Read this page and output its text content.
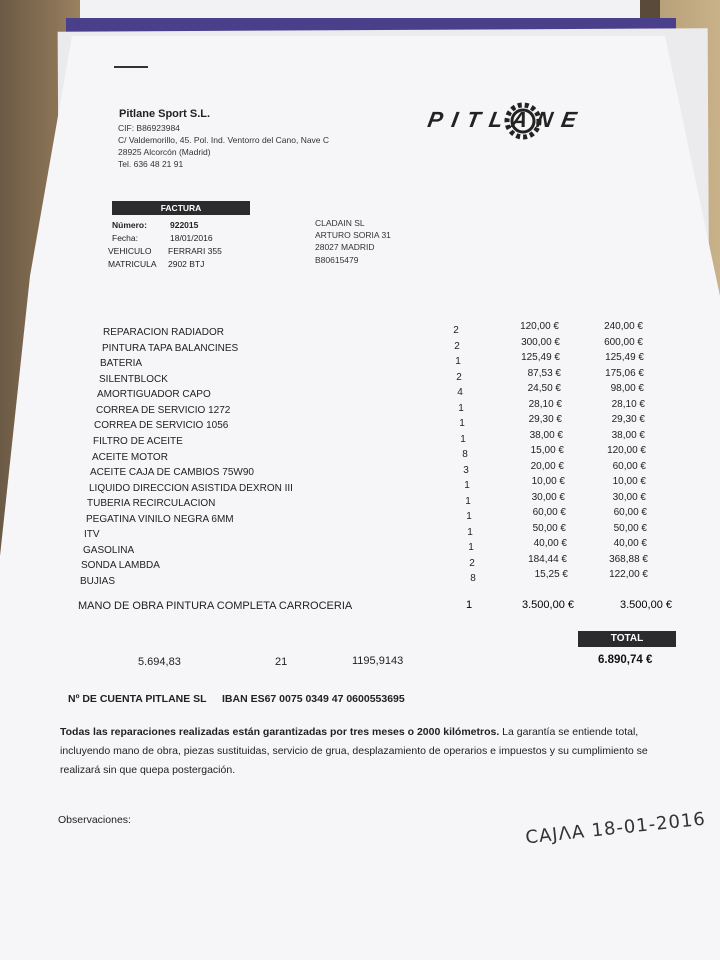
Pitlane Sport S.L.
CIF: B86923984
C/ Valdemorillo, 45. Pol. Ind. Ventorro del Cano, Nave C
28925 Alcorcón (Madrid)
Tel. 636 48 21 91
PITLANE
FACTURA
Número:	922015
Fecha:	18/01/2016
VEHICULO FERRARI 355
MATRICULA 2902 BTJ
CLADAIN SL
ARTURO SORIA 31
28027 MADRID
B80615479
REPARACION RADIADOR	2	120,00 €	240,00 €
PINTURA TAPA BALANCINES	2	300,00 €	600,00 €
BATERIA	1	125,49 €	125,49 €
SILENTBLOCK	2	87,53 €	175,06 €
AMORTIGUADOR CAPO	4	24,50 €	98,00 €
CORREA DE SERVICIO 1272	1	28,10 €	28,10 €
CORREA DE SERVICIO 1056	1	29,30 €	29,30 €
FILTRO DE ACEITE	1	38,00 €	38,00 €
ACEITE MOTOR	8	15,00 €	120,00 €
ACEITE CAJA DE CAMBIOS 75W90	3	20,00 €	60,00 €
LIQUIDO DIRECCION ASISTIDA DEXRON III	1	10,00 €	10,00 €
TUBERIA RECIRCULACION	1	30,00 €	30,00 €
PEGATINA VINILO NEGRA 6MM	1	60,00 €	60,00 €
ITV	1	50,00 €	50,00 €
GASOLINA	1	40,00 €	40,00 €
SONDA LAMBDA	2	184,44 €	368,88 €
BUJIAS	8	15,25 €	122,00 €
MANO DE OBRA PINTURA COMPLETA CARROCERIA	1	3.500,00 €	3.500,00 €
TOTAL
5.694,83	21	1195,9143	6.890,74 €
Nº DE CUENTA PITLANE SL IBAN ES67 0075 0349 47 0600553695
Todas las reparaciones realizadas están garantizadas por tres meses o 2000 kilómetros. La garantía se entiende total, incluyendo mano de obra, piezas sustituidas, servicio de grua, desplazamiento de operarios e impuestos y su cumplimiento se realizará sin que quepa postergación.
Observaciones:	CAJΛA 18-01-2016
